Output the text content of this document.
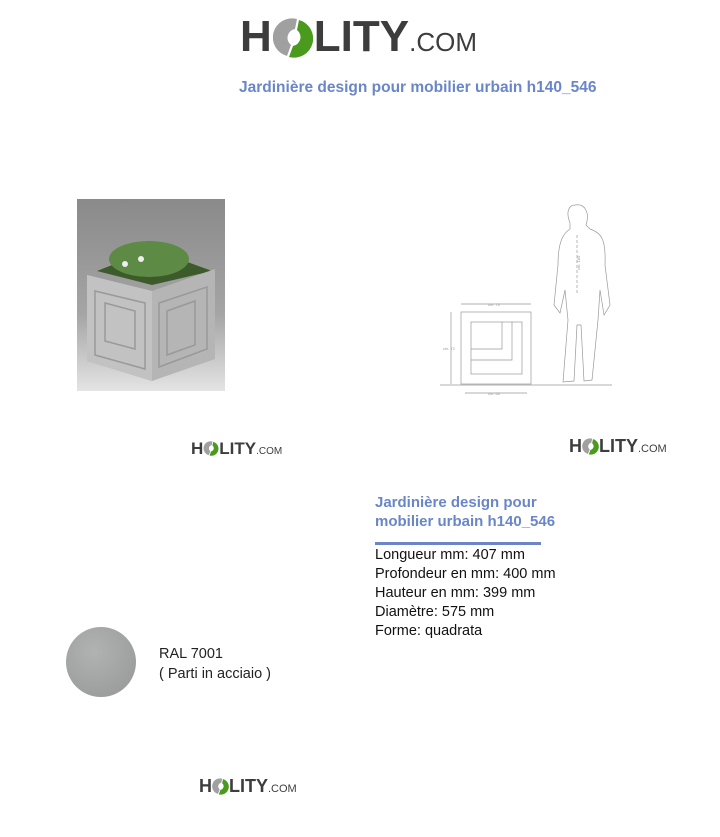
H LITY .COM
Jardinière design pour mobilier urbain h140_546
cm. 70
cm. 72
cm. 60
cm. 180
H LITY .COM	H LITY .COM
H LITY .COM
Jardinière design pour
mobilier urbain h140_546
Longueur mm: 407 mm
Profondeur en mm: 400 mm
Hauteur en mm: 399 mm
Diamètre: 575 mm
Forme: quadrata
RAL 7001
( Parti in acciaio )
